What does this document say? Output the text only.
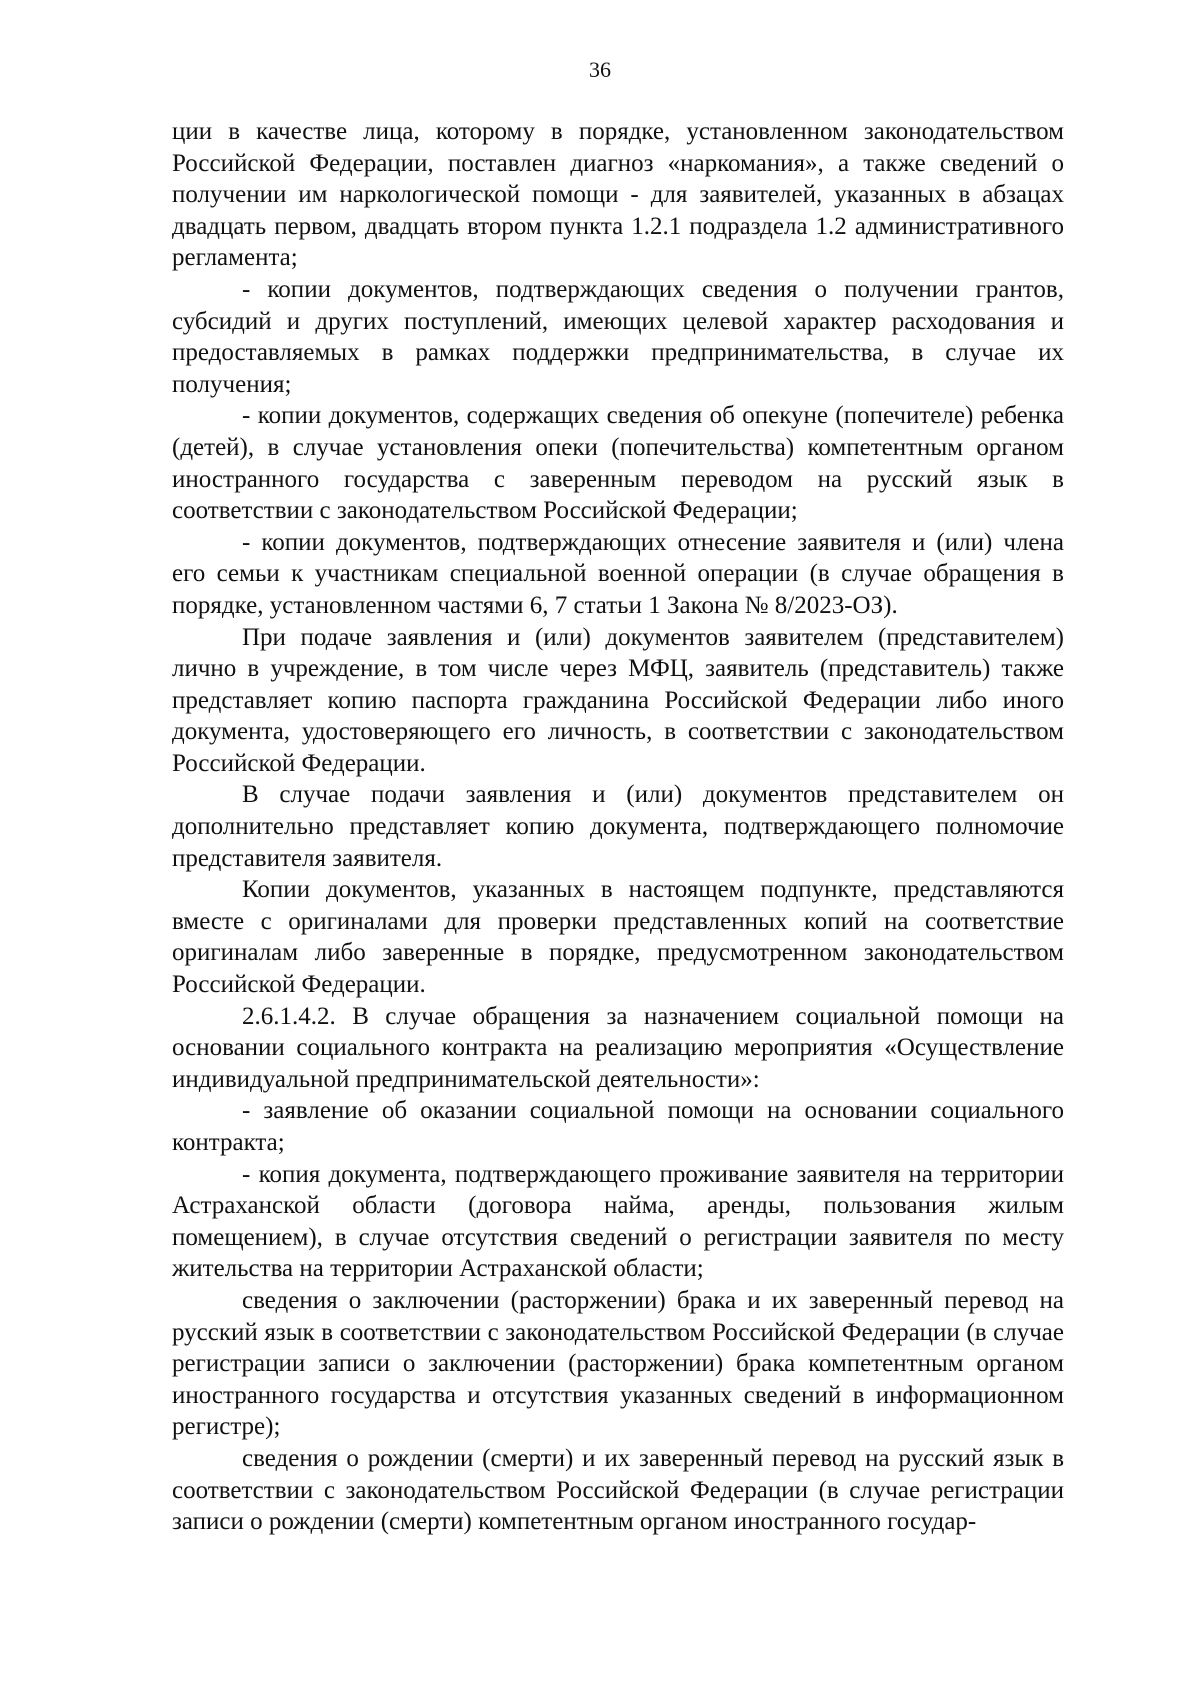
36

ции в качестве лица, которому в порядке, установленном законодательством Российской Федерации, поставлен диагноз «наркомания», а также сведений о получении им наркологической помощи - для заявителей, указанных в абзацах двадцать первом, двадцать втором пункта 1.2.1 подраздела 1.2 административного регламента;

- копии документов, подтверждающих сведения о получении грантов, субсидий и других поступлений, имеющих целевой характер расходования и предоставляемых в рамках поддержки предпринимательства, в случае их получения;

- копии документов, содержащих сведения об опекуне (попечителе) ребенка (детей), в случае установления опеки (попечительства) компетентным органом иностранного государства с заверенным переводом на русский язык в соответствии с законодательством Российской Федерации;

- копии документов, подтверждающих отнесение заявителя и (или) члена его семьи к участникам специальной военной операции (в случае обращения в порядке, установленном частями 6, 7 статьи 1 Закона № 8/2023-ОЗ).

При подаче заявления и (или) документов заявителем (представителем) лично в учреждение, в том числе через МФЦ, заявитель (представитель) также представляет копию паспорта гражданина Российской Федерации либо иного документа, удостоверяющего его личность, в соответствии с законодательством Российской Федерации.

В случае подачи заявления и (или) документов представителем он дополнительно представляет копию документа, подтверждающего полномочие представителя заявителя.

Копии документов, указанных в настоящем подпункте, представляются вместе с оригиналами для проверки представленных копий на соответствие оригиналам либо заверенные в порядке, предусмотренном законодательством Российской Федерации.

2.6.1.4.2. В случае обращения за назначением социальной помощи на основании социального контракта на реализацию мероприятия «Осуществление индивидуальной предпринимательской деятельности»:

- заявление об оказании социальной помощи на основании социального контракта;

- копия документа, подтверждающего проживание заявителя на территории Астраханской области (договора найма, аренды, пользования жилым помещением), в случае отсутствия сведений о регистрации заявителя по месту жительства на территории Астраханской области;

сведения о заключении (расторжении) брака и их заверенный перевод на русский язык в соответствии с законодательством Российской Федерации (в случае регистрации записи о заключении (расторжении) брака компетентным органом иностранного государства и отсутствия указанных сведений в информационном регистре);

сведения о рождении (смерти) и их заверенный перевод на русский язык в соответствии с законодательством Российской Федерации (в случае регистрации записи о рождении (смерти) компетентным органом иностранного государ-
